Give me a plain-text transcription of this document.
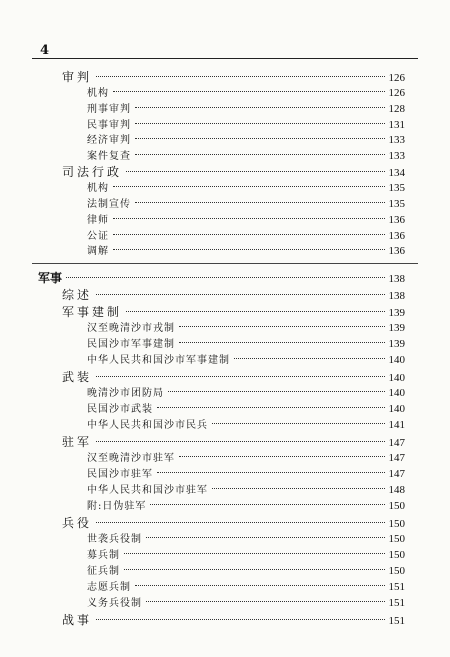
4
审判	126
机构	126
刑事审判	128
民事审判	131
经济审判	133
案件复查	133
司法行政	134
机构	135
法制宣传	135
律师	136
公证	136
调解	136
军事	138
综述	138
军事建制	139
汉至晚清沙市戎制	139
民国沙市军事建制	139
中华人民共和国沙市军事建制	140
武装	140
晚清沙市团防局	140
民国沙市武装	140
中华人民共和国沙市民兵	141
驻军	147
汉至晚清沙市驻军	147
民国沙市驻军	147
中华人民共和国沙市驻军	148
附:日伪驻军	150
兵役	150
世袭兵役制	150
募兵制	150
征兵制	150
志愿兵制	151
义务兵役制	151
战事	151
